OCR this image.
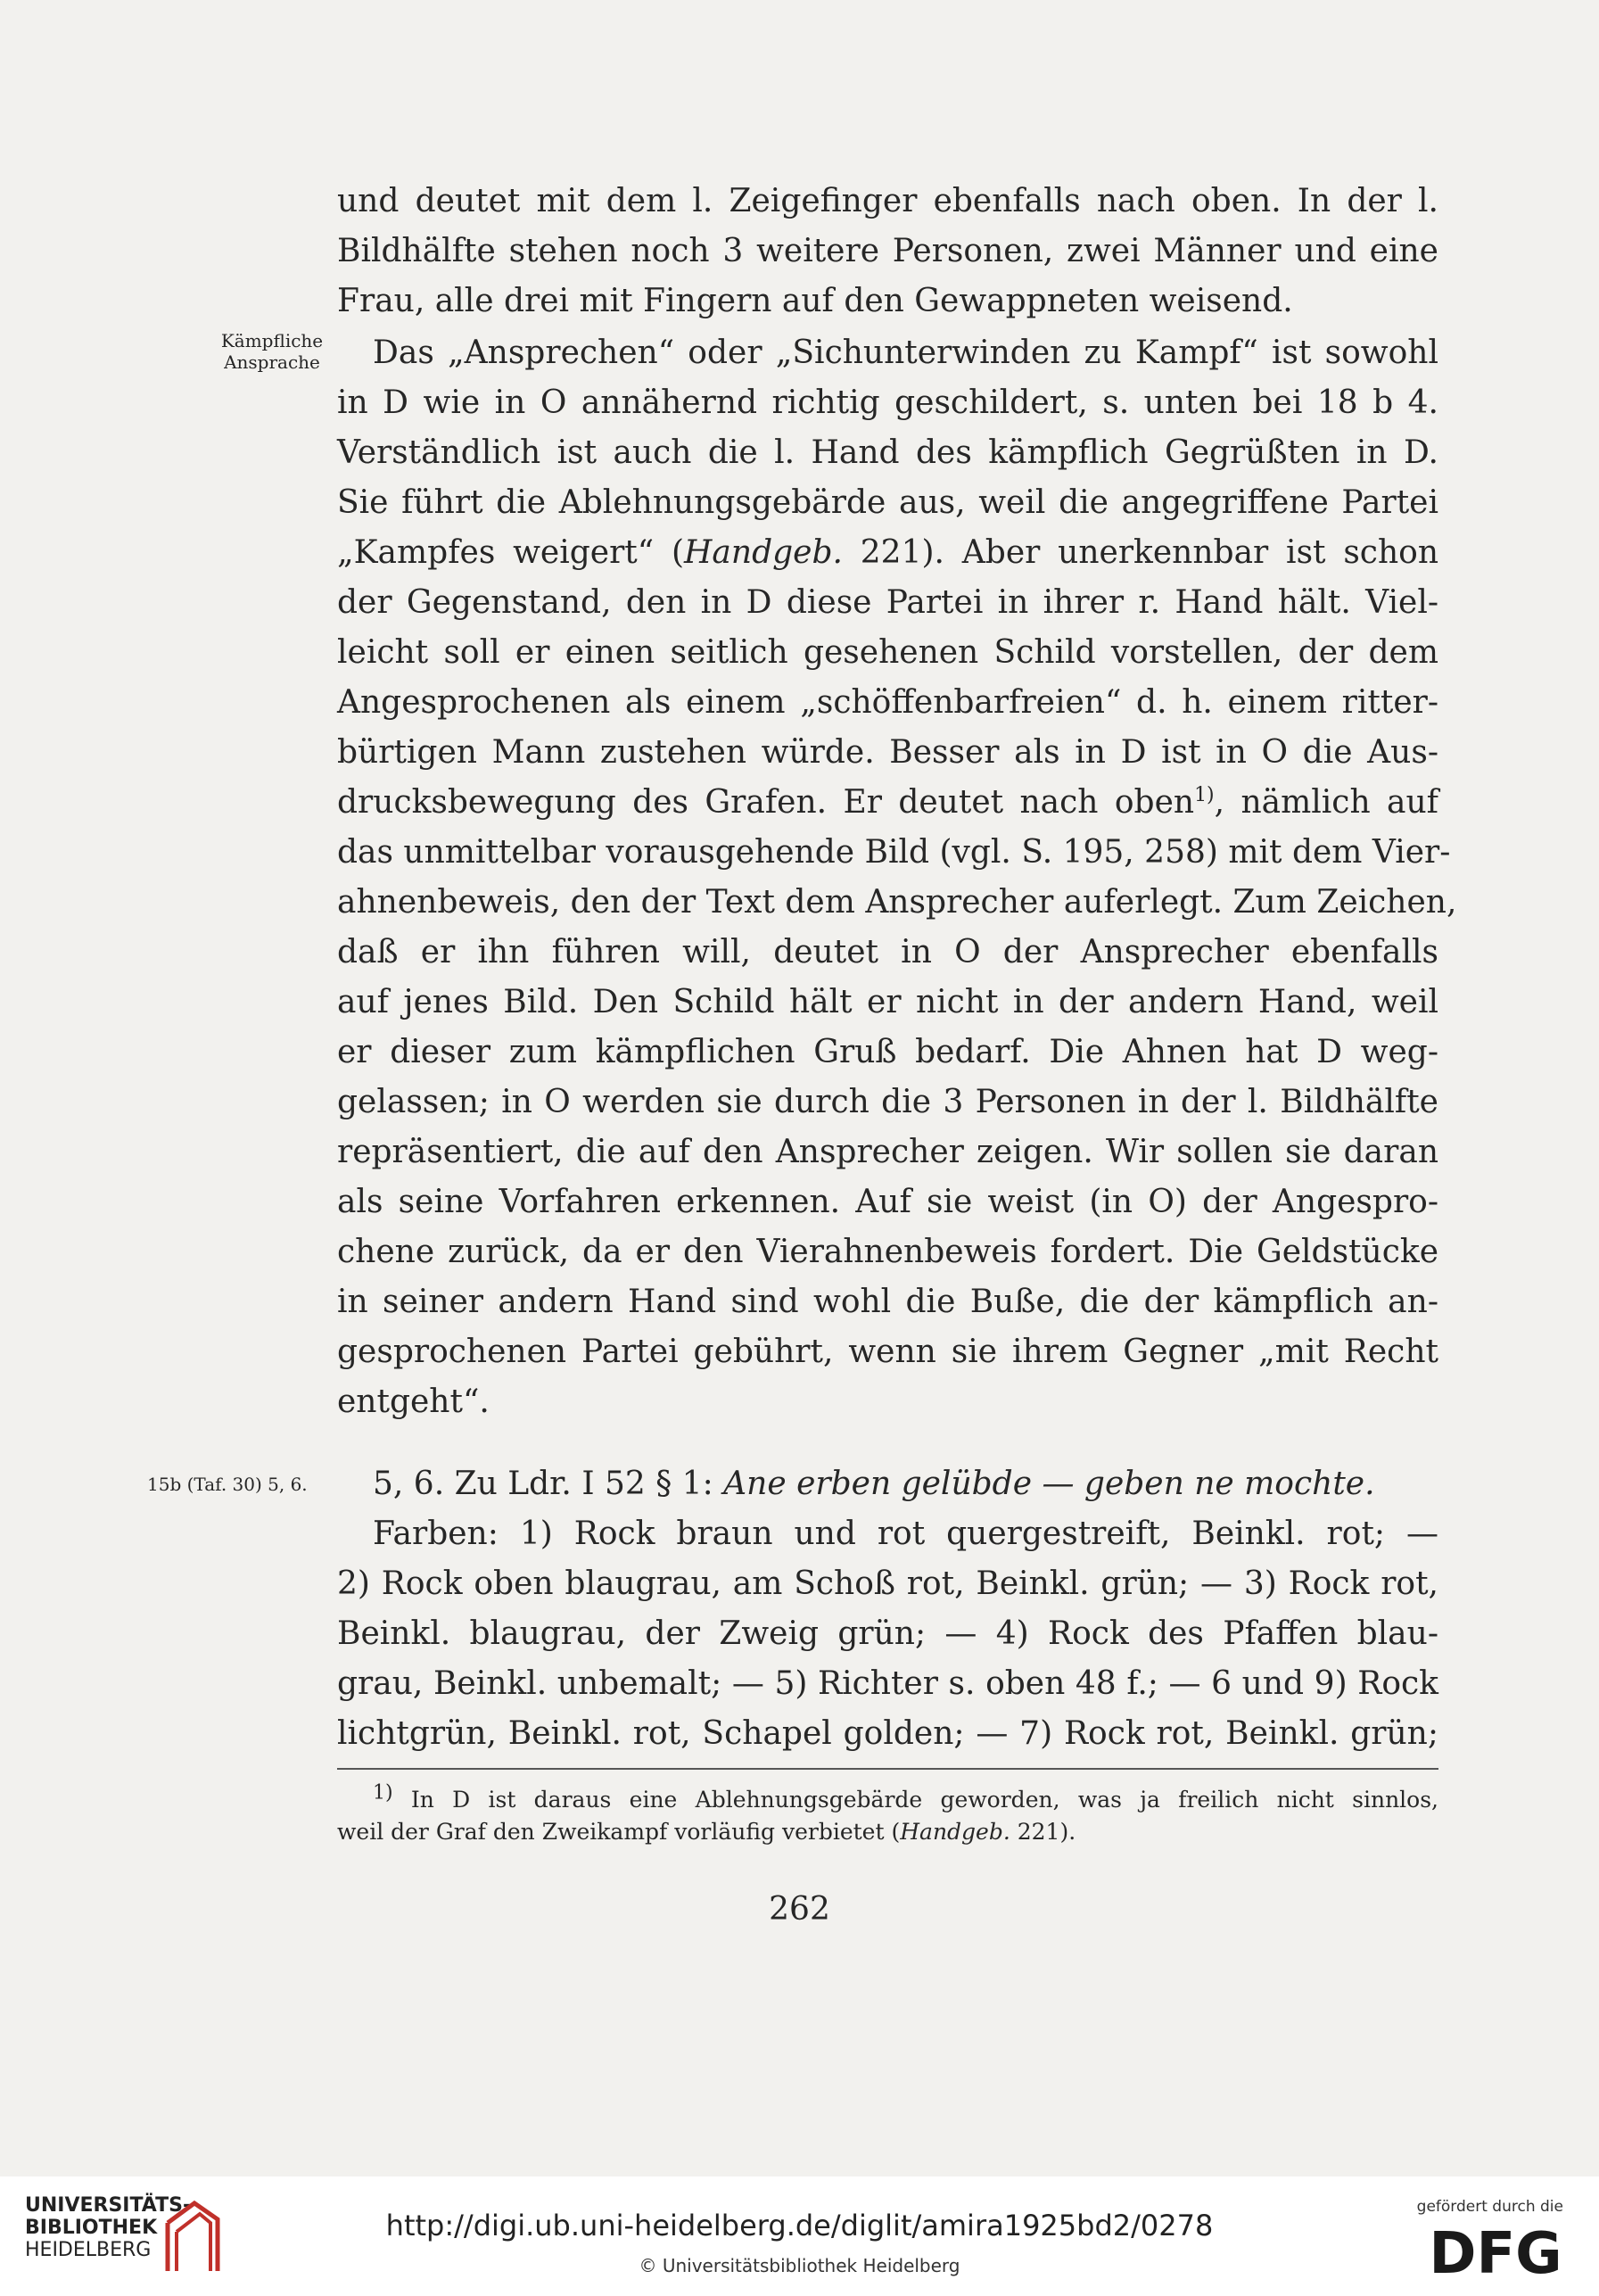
und deutet mit dem l. Zeigefinger ebenfalls nach oben. In der l.
Bildhälfte stehen noch 3 weitere Personen, zwei Männer und eine
Frau, alle drei mit Fingern auf den Gewappneten weisend.
Kämpfliche
Ansprache	Das „Ansprechen“ oder „Sichunterwinden zu Kampf“ ist sowohl
in D wie in O annähernd richtig geschildert, s. unten bei 18 b 4.
Verständlich ist auch die l. Hand des kämpflich Gegrüßten in D.
Sie führt die Ablehnungsgebärde aus, weil die angegriffene Partei
„Kampfes weigert“ (Handgeb. 221). Aber unerkennbar ist schon
der Gegenstand, den in D diese Partei in ihrer r. Hand hält. Viel-
leicht soll er einen seitlich gesehenen Schild vorstellen, der dem
Angesprochenen als einem „schöffenbarfreien“ d. h. einem ritter-
bürtigen Mann zustehen würde. Besser als in D ist in O die Aus-
drucksbewegung des Grafen. Er deutet nach oben$^{1)}$, nämlich auf
das unmittelbar vorausgehende Bild (vgl. S. 195, 258) mit dem Vier-
ahnenbeweis, den der Text dem Ansprecher auferlegt. Zum Zeichen,
daß er ihn führen will, deutet in O der Ansprecher ebenfalls
auf jenes Bild. Den Schild hält er nicht in der andern Hand, weil
er dieser zum kämpflichen Gruß bedarf. Die Ahnen hat D weg-
gelassen; in O werden sie durch die 3 Personen in der l. Bildhälfte
repräsentiert, die auf den Ansprecher zeigen. Wir sollen sie daran
als seine Vorfahren erkennen. Auf sie weist (in O) der Angespro-
chene zurück, da er den Vierahnenbeweis fordert. Die Geldstücke
in seiner andern Hand sind wohl die Buße, die der kämpflich an-
gesprochenen Partei gebührt, wenn sie ihrem Gegner „mit Recht
entgeht“.
15b (Taf. 30) 5, 6. 5, 6. Zu Ldr. I 52 § 1: Ane erben gelübde — geben ne mochte.
Farben: 1) Rock braun und rot quergestreift, Beinkl. rot; —
2) Rock oben blaugrau, am Schoß rot, Beinkl. grün; — 3) Rock rot,
Beinkl. blaugrau, der Zweig grün; — 4) Rock des Pfaffen blau-
grau, Beinkl. unbemalt; — 5) Richter s. oben 48 f.; — 6 und 9) Rock
lichtgrün, Beinkl. rot, Schapel golden; — 7) Rock rot, Beinkl. grün;
$^{1)}$ In D ist daraus eine Ablehnungsgebärde geworden, was ja freilich nicht sinnlos,
weil der Graf den Zweikampf vorläufig verbietet (Handgeb. 221).
262
UNIVERSITÄTS-
BIBLIOTHEK
HEIDELBERG
http://digi.ub.uni-heidelberg.de/diglit/amira1925bd2/0278
© Universitätsbibliothek Heidelberg
gefördert durch die
DFG
